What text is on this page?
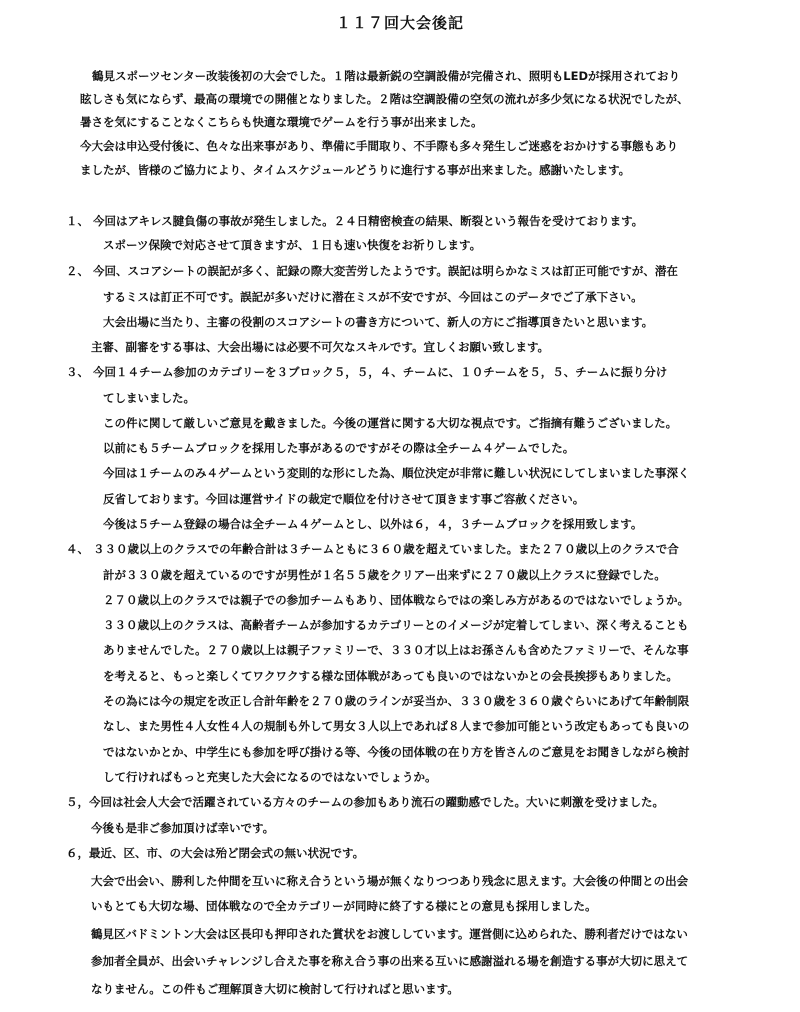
１１７回大会後記
鶴見スポーツセンター改装後初の大会でした。１階は最新鋭の空調設備が完備され、照明もLEDが採用されており
眩しさも気にならず、最高の環境での開催となりました。２階は空調設備の空気の流れが多少気になる状況でしたが、
暑さを気にすることなくこちらも快適な環境でゲームを行う事が出来ました。
今大会は申込受付後に、色々な出来事があり、準備に手間取り、不手際も多々発生しご迷惑をおかけする事態もあり
ましたが、皆様のご協力により、タイムスケジュールどうりに進行する事が出来ました。感謝いたします。
１、 今回はアキレス腱負傷の事故が発生しました。２４日精密検査の結果、断裂という報告を受けております。
スポーツ保険で対応させて頂きますが、１日も速い快復をお祈りします。
２、 今回、スコアシートの誤記が多く、記録の際大変苦労したようです。誤記は明らかなミスは訂正可能ですが、潜在
するミスは訂正不可です。誤記が多いだけに潜在ミスが不安ですが、今回はこのデータでご了承下さい。
大会出場に当たり、主審の役割のスコアシートの書き方について、新人の方にご指導頂きたいと思います。
主審、副審をする事は、大会出場には必要不可欠なスキルです。宜しくお願い致します。
３、 今回１４チーム参加のカテゴリーを３ブロック５，５，４、チームに、１０チームを５，５、チームに振り分け
てしまいました。
この件に関して厳しいご意見を戴きました。今後の運営に関する大切な視点です。ご指摘有難うございました。
以前にも５チームブロックを採用した事があるのですがその際は全チーム４ゲームでした。
今回は１チームのみ４ゲームという変則的な形にした為、順位決定が非常に難しい状況にしてしまいました事深く
反省しております。今回は運営サイドの裁定で順位を付けさせて頂きます事ご容赦ください。
今後は５チーム登録の場合は全チーム４ゲームとし、以外は６，４，３チームブロックを採用致します。
４、 ３３０歳以上のクラスでの年齢合計は３チームともに３６０歳を超えていました。また２７０歳以上のクラスで合
計が３３０歳を超えているのですが男性が１名５５歳をクリアー出来ずに２７０歳以上クラスに登録でした。
２７０歳以上のクラスでは親子での参加チームもあり、団体戦ならではの楽しみ方があるのではないでしょうか。
３３０歳以上のクラスは、高齢者チームが参加するカテゴリーとのイメージが定着してしまい、深く考えることも
ありませんでした。２７０歳以上は親子ファミリーで、３３０才以上はお孫さんも含めたファミリーで、そんな事
を考えると、もっと楽しくてワクワクする様な団体戦があっても良いのではないかとの会長挨拶もありました。
その為には今の規定を改正し合計年齢を２７０歳のラインが妥当か、３３０歳を３６０歳ぐらいにあげて年齢制限
なし、また男性４人女性４人の規制も外して男女３人以上であれば８人まで参加可能という改定もあっても良いの
ではないかとか、中学生にも参加を呼び掛ける等、今後の団体戦の在り方を皆さんのご意見をお聞きしながら検討
して行ければもっと充実した大会になるのではないでしょうか。
５，今回は社会人大会で活躍されている方々のチームの参加もあり流石の躍動感でした。大いに刺激を受けました。
今後も是非ご参加頂けば幸いです。
６，最近、区、市、の大会は殆ど閉会式の無い状況です。
大会で出会い、勝利した仲間を互いに称え合うという場が無くなりつつあり残念に思えます。大会後の仲間との出会
いもとても大切な場、団体戦なので全カテゴリーが同時に終了する様にとの意見も採用しました。
鶴見区バドミントン大会は区長印も押印された賞状をお渡ししています。運営側に込められた、勝利者だけではない
参加者全員が、出会いチャレンジし合えた事を称え合う事の出来る互いに感謝溢れる場を創造する事が大切に思えて
なりません。この件もご理解頂き大切に検討して行ければと思います。
